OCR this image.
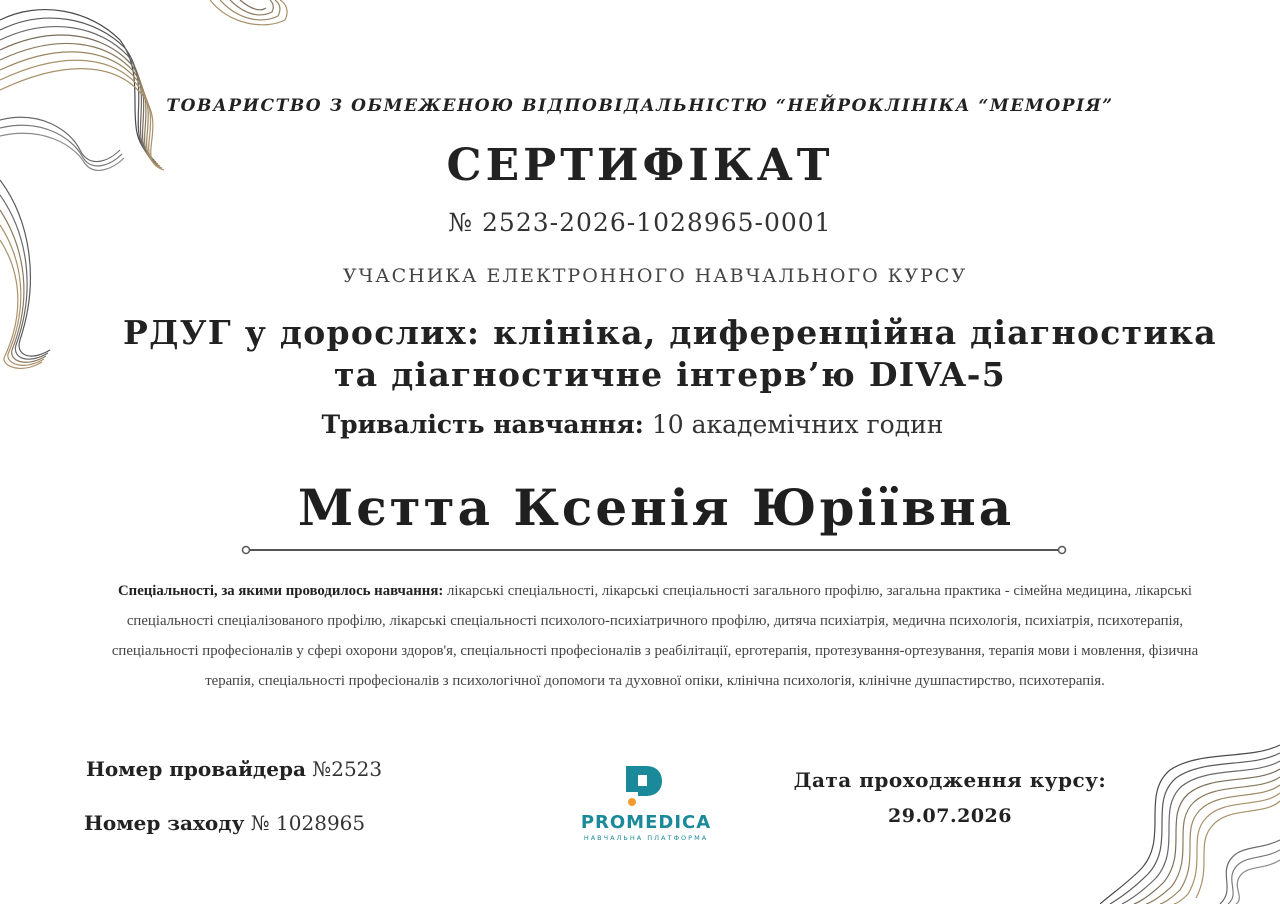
ТОВАРИСТВО З ОБМЕЖЕНОЮ ВІДПОВІДАЛЬНІСТЮ “НЕЙРОКЛІНІКА “МЕМОРІЯ”
СЕРТИФІКАТ
№ 2523-2026-1028965-0001
УЧАСНИКА ЕЛЕКТРОННОГО НАВЧАЛЬНОГО КУРСУ
РДУГ у дорослих: клініка, диференційна діагностика
та діагностичне інтерв’ю DIVA-5
Тривалість навчання: 10 академічних годин
Мєтта Ксенія Юріївна
Спеціальності, за якими проводилось навчання: лікарські спеціальності, лікарські спеціальності загального профілю, загальна практика - сімейна медицина, лікарські спеціальності спеціалізованого профілю, лікарські спеціальності психолого-психіатричного профілю, дитяча психіатрія, медична психологія, психіатрія, психотерапія, спеціальності професіоналів у сфері охорони здоров'я, спеціальності професіоналів з реабілітації, ерготерапія, протезування-ортезування, терапія мови і мовлення, фізична терапія, спеціальності професіоналів з психологічної допомоги та духовної опіки, клінічна психологія, клінічне душпастирство, психотерапія.
Номер провайдера №2523
Номер заходу № 1028965	PROMEDICA
НАВЧАЛЬНА ПЛАТФОРМА
Дата проходження курсу:
29.07.2026
